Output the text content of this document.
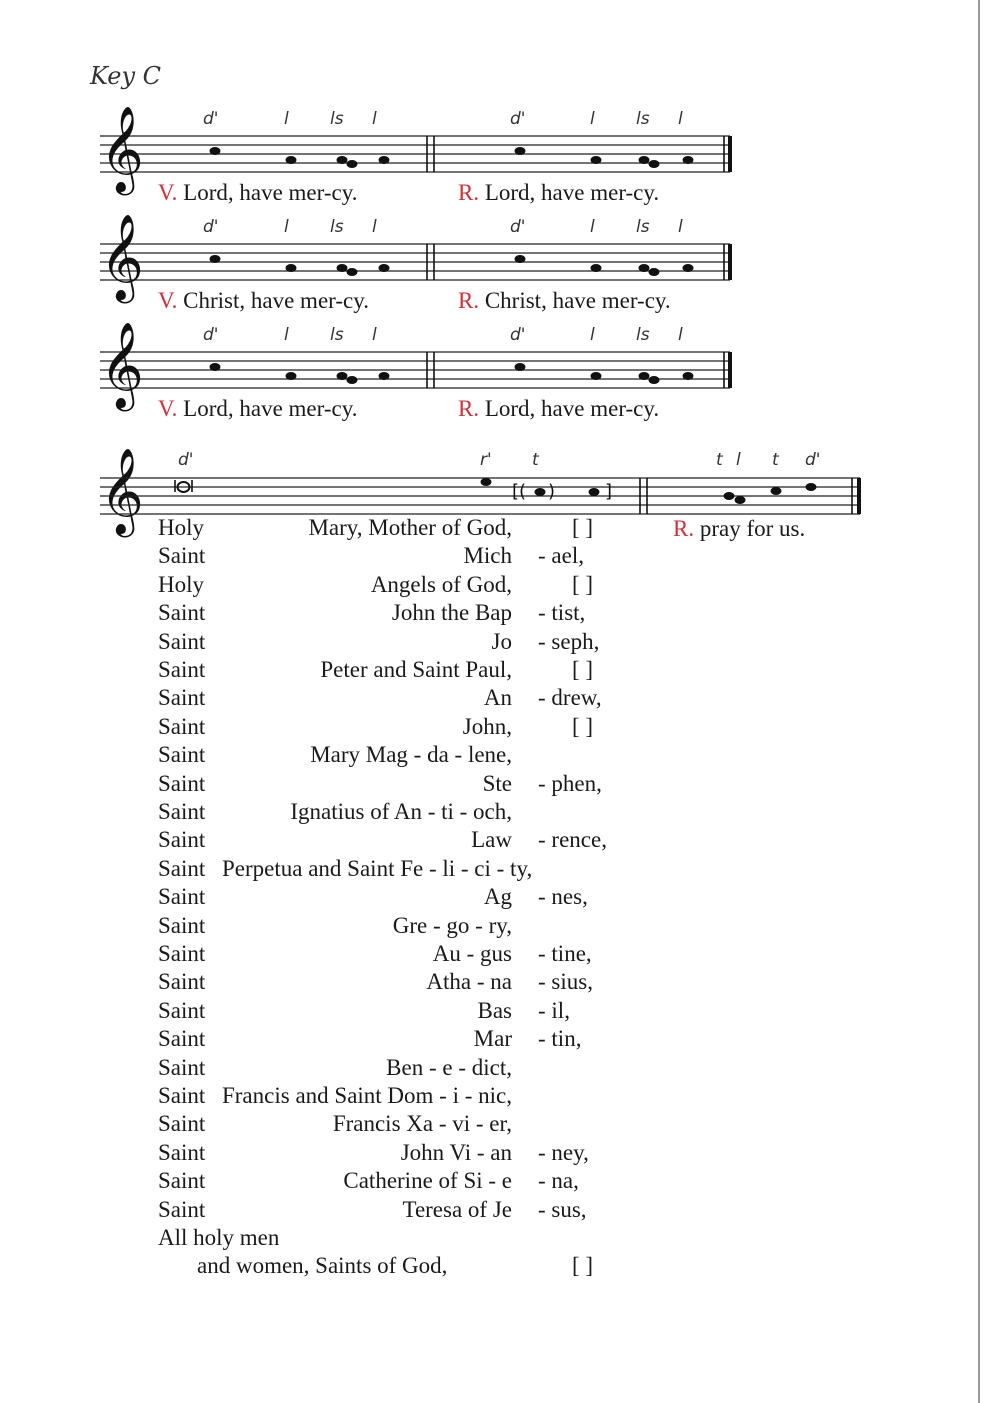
Key C
𝄞	d'	l ls l	d'	l ls l
V. Lord, have mer-cy.	R. Lord, have mer-cy.
𝄞	d'	l ls l	d'	l ls l
V. Christ, have mer-cy.	R. Christ, have mer-cy.
𝄞	d'	l ls l	d'	l ls l
V. Lord, have mer-cy.	R. Lord, have mer-cy.
𝄞 d'	r' t
[( )	]
t l t d'
R. pray for us.
Holy	Mary, Mother of God,	[ ]
Saint	Mich - ael,
Holy	Angels of God,	[ ]
Saint	John the Bap - tist,
Saint	Jo - seph,
Saint	Peter and Saint Paul,	[ ]
Saint	An - drew,
Saint	John,	[ ]
Saint	Mary Mag - da - lene,
Saint	Ste - phen,
Saint	Ignatius of An - ti - och,
Saint	Law - rence,
Saint Perpetua and Saint Fe - li - ci - ty,
Saint	Ag - nes,
Saint	Gre - go - ry,
Saint	Au - gus - tine,
Saint	Atha - na - sius,
Saint	Bas - il,
Saint	Mar - tin,
Saint	Ben - e - dict,
Saint Francis and Saint Dom - i - nic,
Saint	Francis Xa - vi - er,
Saint	John Vi - an - ney,
Saint	Catherine of Si - e - na,
Saint	Teresa of Je - sus,
All holy men
and women, Saints of God,	[ ]
